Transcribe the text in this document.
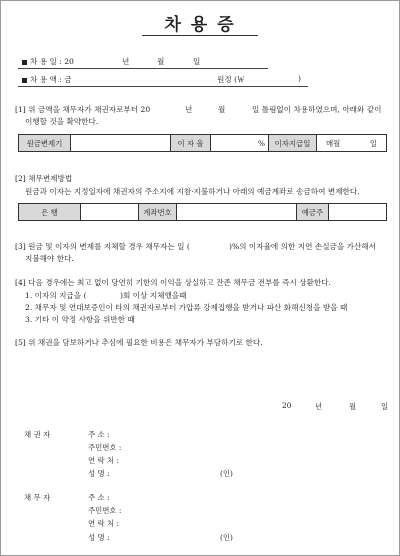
차 용 증
차 용 일 : 20	년	월	일
차 용 액 : 금	원정 (￦	)
[1] 위 금액을 채무자가 채권자로부터 20	년	월	일 틀림없이 차용하였으며, 아래와 같이
이행할 것을 확약한다.
원금변제기		이 자 율	%	이자지급일	매월	일
[2] 채무변제방법
원금과 이자는 지정일자에 채권자의 주소지에 지참·지불하거나 아래의 예금계좌로 송금하여 변제한다.
은 행		계좌번호		예금주	
[3] 원금 및 이자의 변제를 지체할 경우 채무자는 일 (	)%의 이자율에 의한 지연 손실금을 가산해서
지불해야 한다.
[4] 다음 경우에는 최고 없이 당연히 기한의 이익을 상실하고 잔존 채무금 전부를 즉시 상환한다.
1. 이자의 지급을 (	)회 이상 지체했을때
2. 채무자 및 연대보증인이 타의 채권자로부터 가압류 강제집행을 받거나 파산 화해신청을 받을 때
3. 기타 이 약정 사항을 위반한 때
[5] 위 채권을 담보하거나 추심에 필요한 비용은 채무자가 부담하기로 한다.
20	년	월	일
채 권 자	주 소 :
주민번호 :
연 락 처 :
성 명 :	(인)
채 무 자	주 소 :
주민번호 :
연 락 처 :
성 명 :	(인)
